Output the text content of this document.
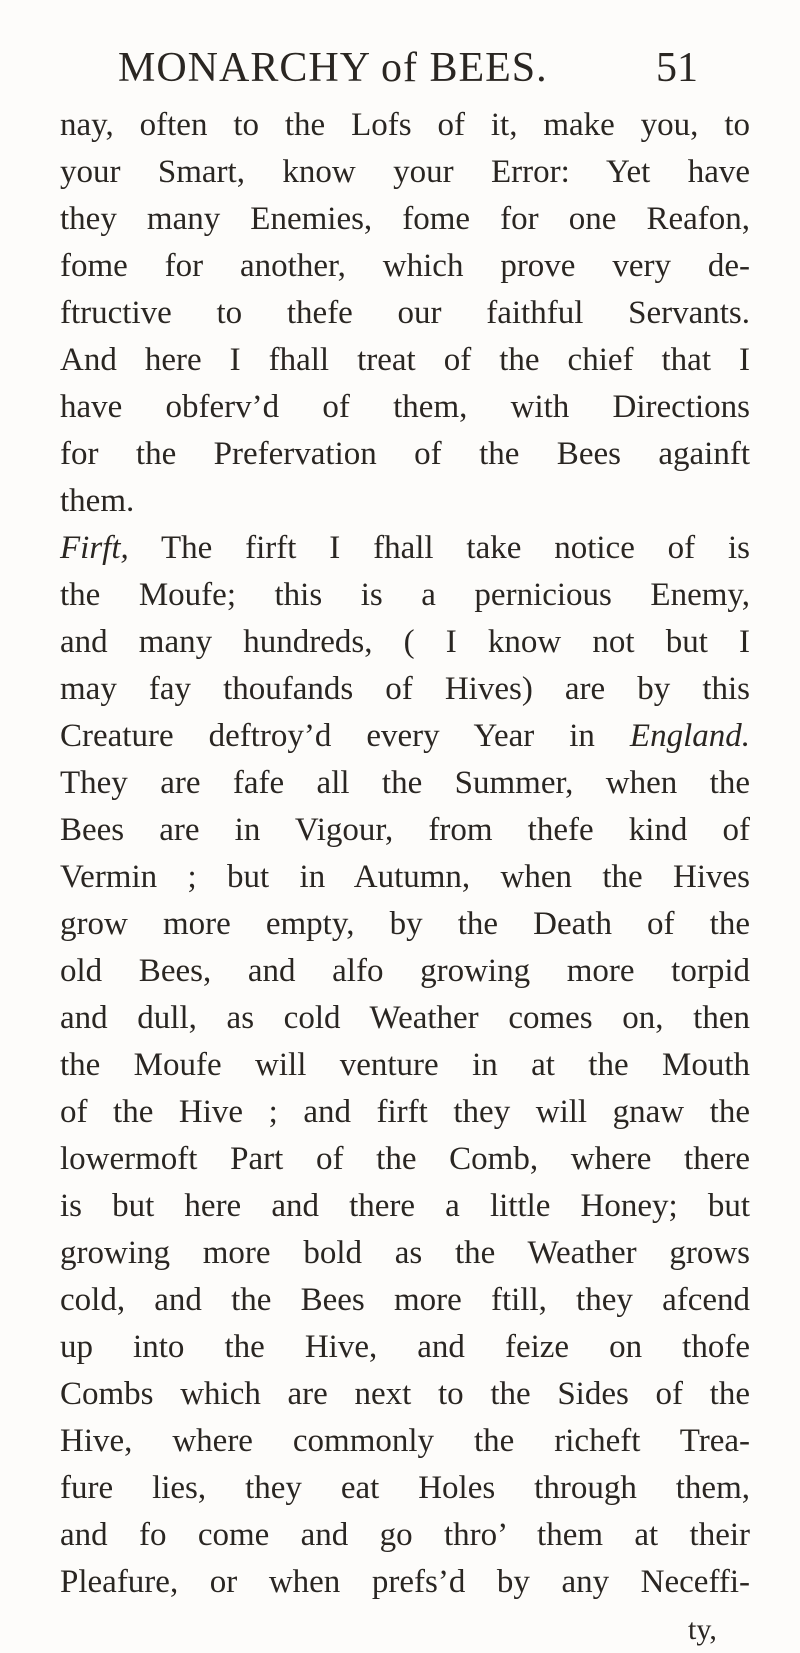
MONARCHY of BEES.	51
nay, often to the Lofs of it, make you, to
your Smart, know your Error: Yet have
they many Enemies, fome for one Reafon,
fome for another, which prove very de-
ftructive to thefe our faithful Servants.
And here I fhall treat of the chief that I
have obferv’d of them, with Directions
for the Prefervation of the Bees againft
them.
Firft, The firft I fhall take notice of is
the Moufe; this is a pernicious Enemy,
and many hundreds, ( I know not but I
may fay thoufands of Hives) are by this
Creature deftroy’d every Year in England.
They are fafe all the Summer, when the
Bees are in Vigour, from thefe kind of
Vermin ; but in Autumn, when the Hives
grow more empty, by the Death of the
old Bees, and alfo growing more torpid
and dull, as cold Weather comes on, then
the Moufe will venture in at the Mouth
of the Hive ; and firft they will gnaw the
lowermoft Part of the Comb, where there
is but here and there a little Honey; but
growing more bold as the Weather grows
cold, and the Bees more ftill, they afcend
up into the Hive, and feize on thofe
Combs which are next to the Sides of the
Hive, where commonly the richeft Trea-
fure lies, they eat Holes through them,
and fo come and go thro’ them at their
Pleafure, or when prefs’d by any Neceffi-
ty,
